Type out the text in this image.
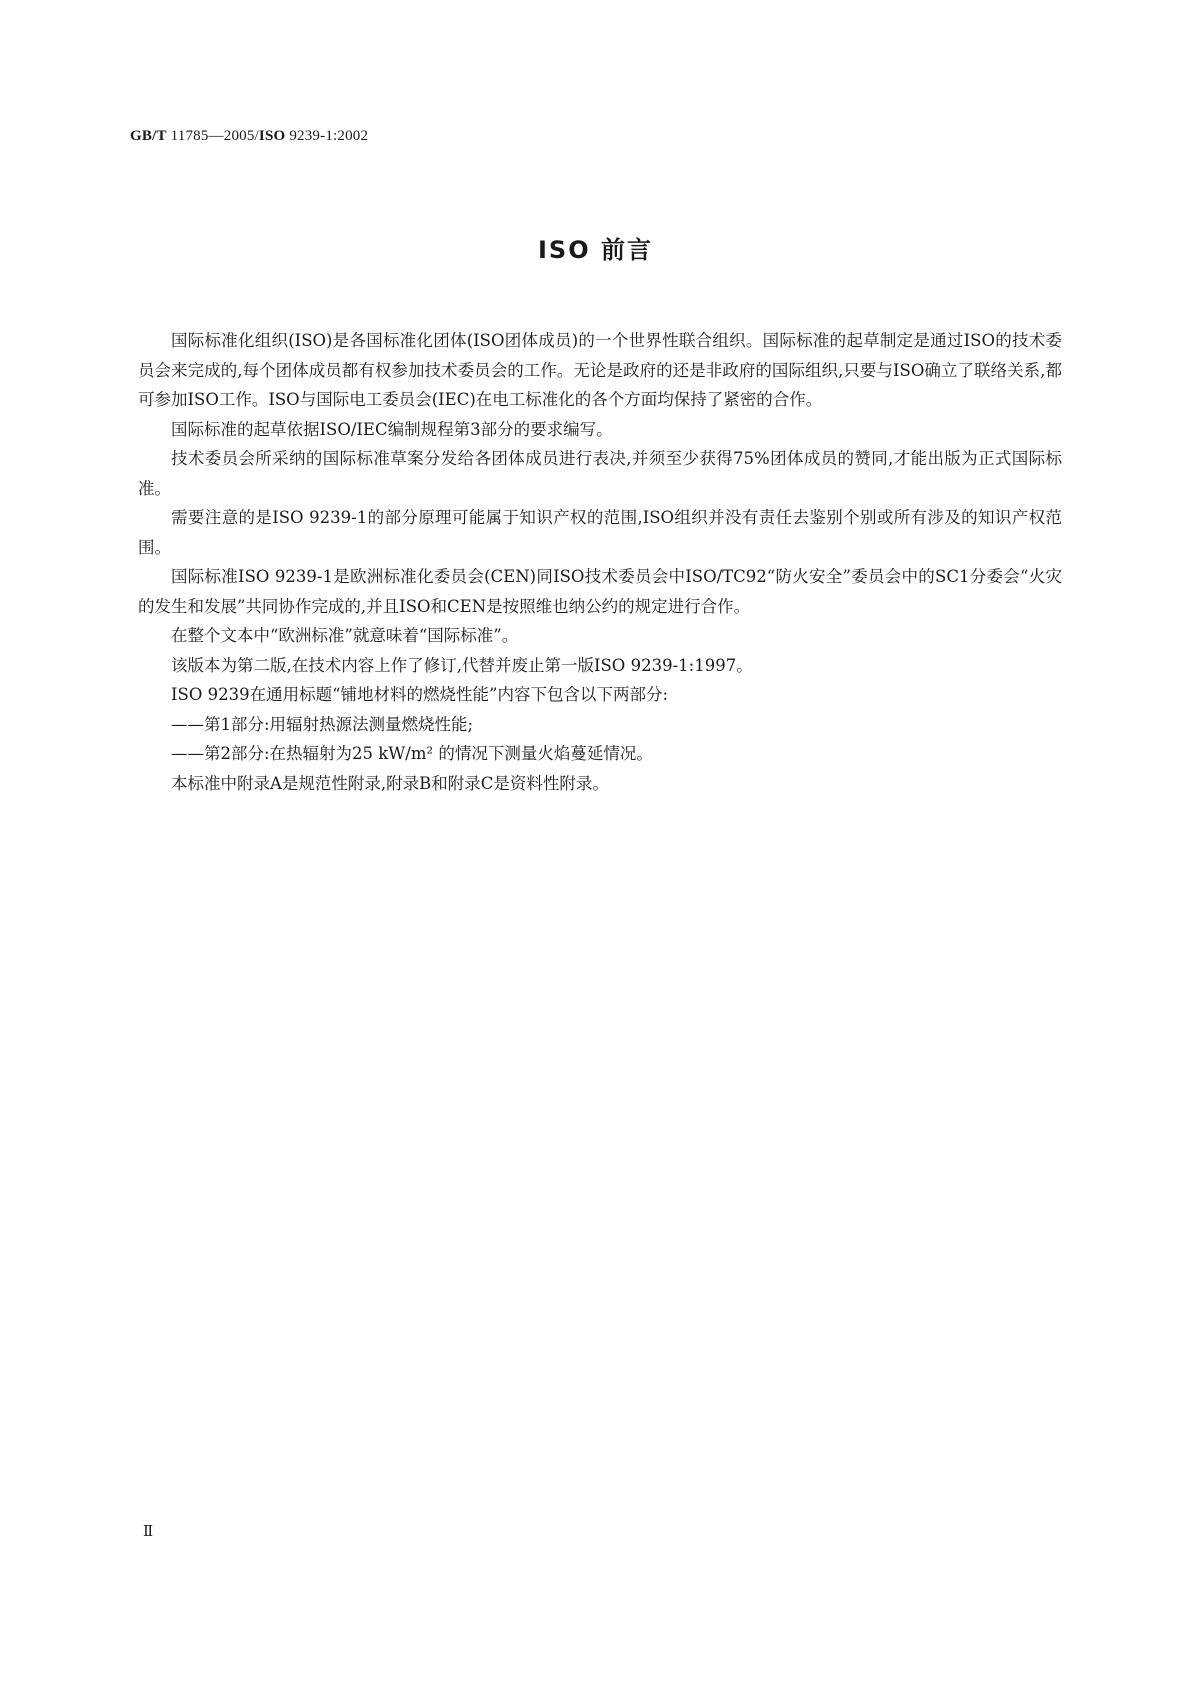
GB/T 11785—2005/ISO 9239-1:2002
ISO 前言

国际标准化组织(ISO)是各国标准化团体(ISO团体成员)的一个世界性联合组织。国际标准的起草制定是通过ISO的技术委员会来完成的,每个团体成员都有权参加技术委员会的工作。无论是政府的还是非政府的国际组织,只要与ISO确立了联络关系,都可参加ISO工作。ISO与国际电工委员会(IEC)在电工标准化的各个方面均保持了紧密的合作。

国际标准的起草依据ISO/IEC编制规程第3部分的要求编写。

技术委员会所采纳的国际标准草案分发给各团体成员进行表决,并须至少获得75%团体成员的赞同,才能出版为正式国际标准。

需要注意的是ISO 9239-1的部分原理可能属于知识产权的范围,ISO组织并没有责任去鉴别个别或所有涉及的知识产权范围。

国际标准ISO 9239-1是欧洲标准化委员会(CEN)同ISO技术委员会中ISO/TC92“防火安全”委员会中的SC1分委会“火灾的发生和发展”共同协作完成的,并且ISO和CEN是按照维也纳公约的规定进行合作。

在整个文本中“欧洲标准”就意味着“国际标准”。

该版本为第二版,在技术内容上作了修订,代替并废止第一版ISO 9239-1:1997。

ISO 9239在通用标题“铺地材料的燃烧性能”内容下包含以下两部分:

——第1部分:用辐射热源法测量燃烧性能;

——第2部分:在热辐射为25 kW/m² 的情况下测量火焰蔓延情况。

本标准中附录A是规范性附录,附录B和附录C是资料性附录。

Ⅱ
